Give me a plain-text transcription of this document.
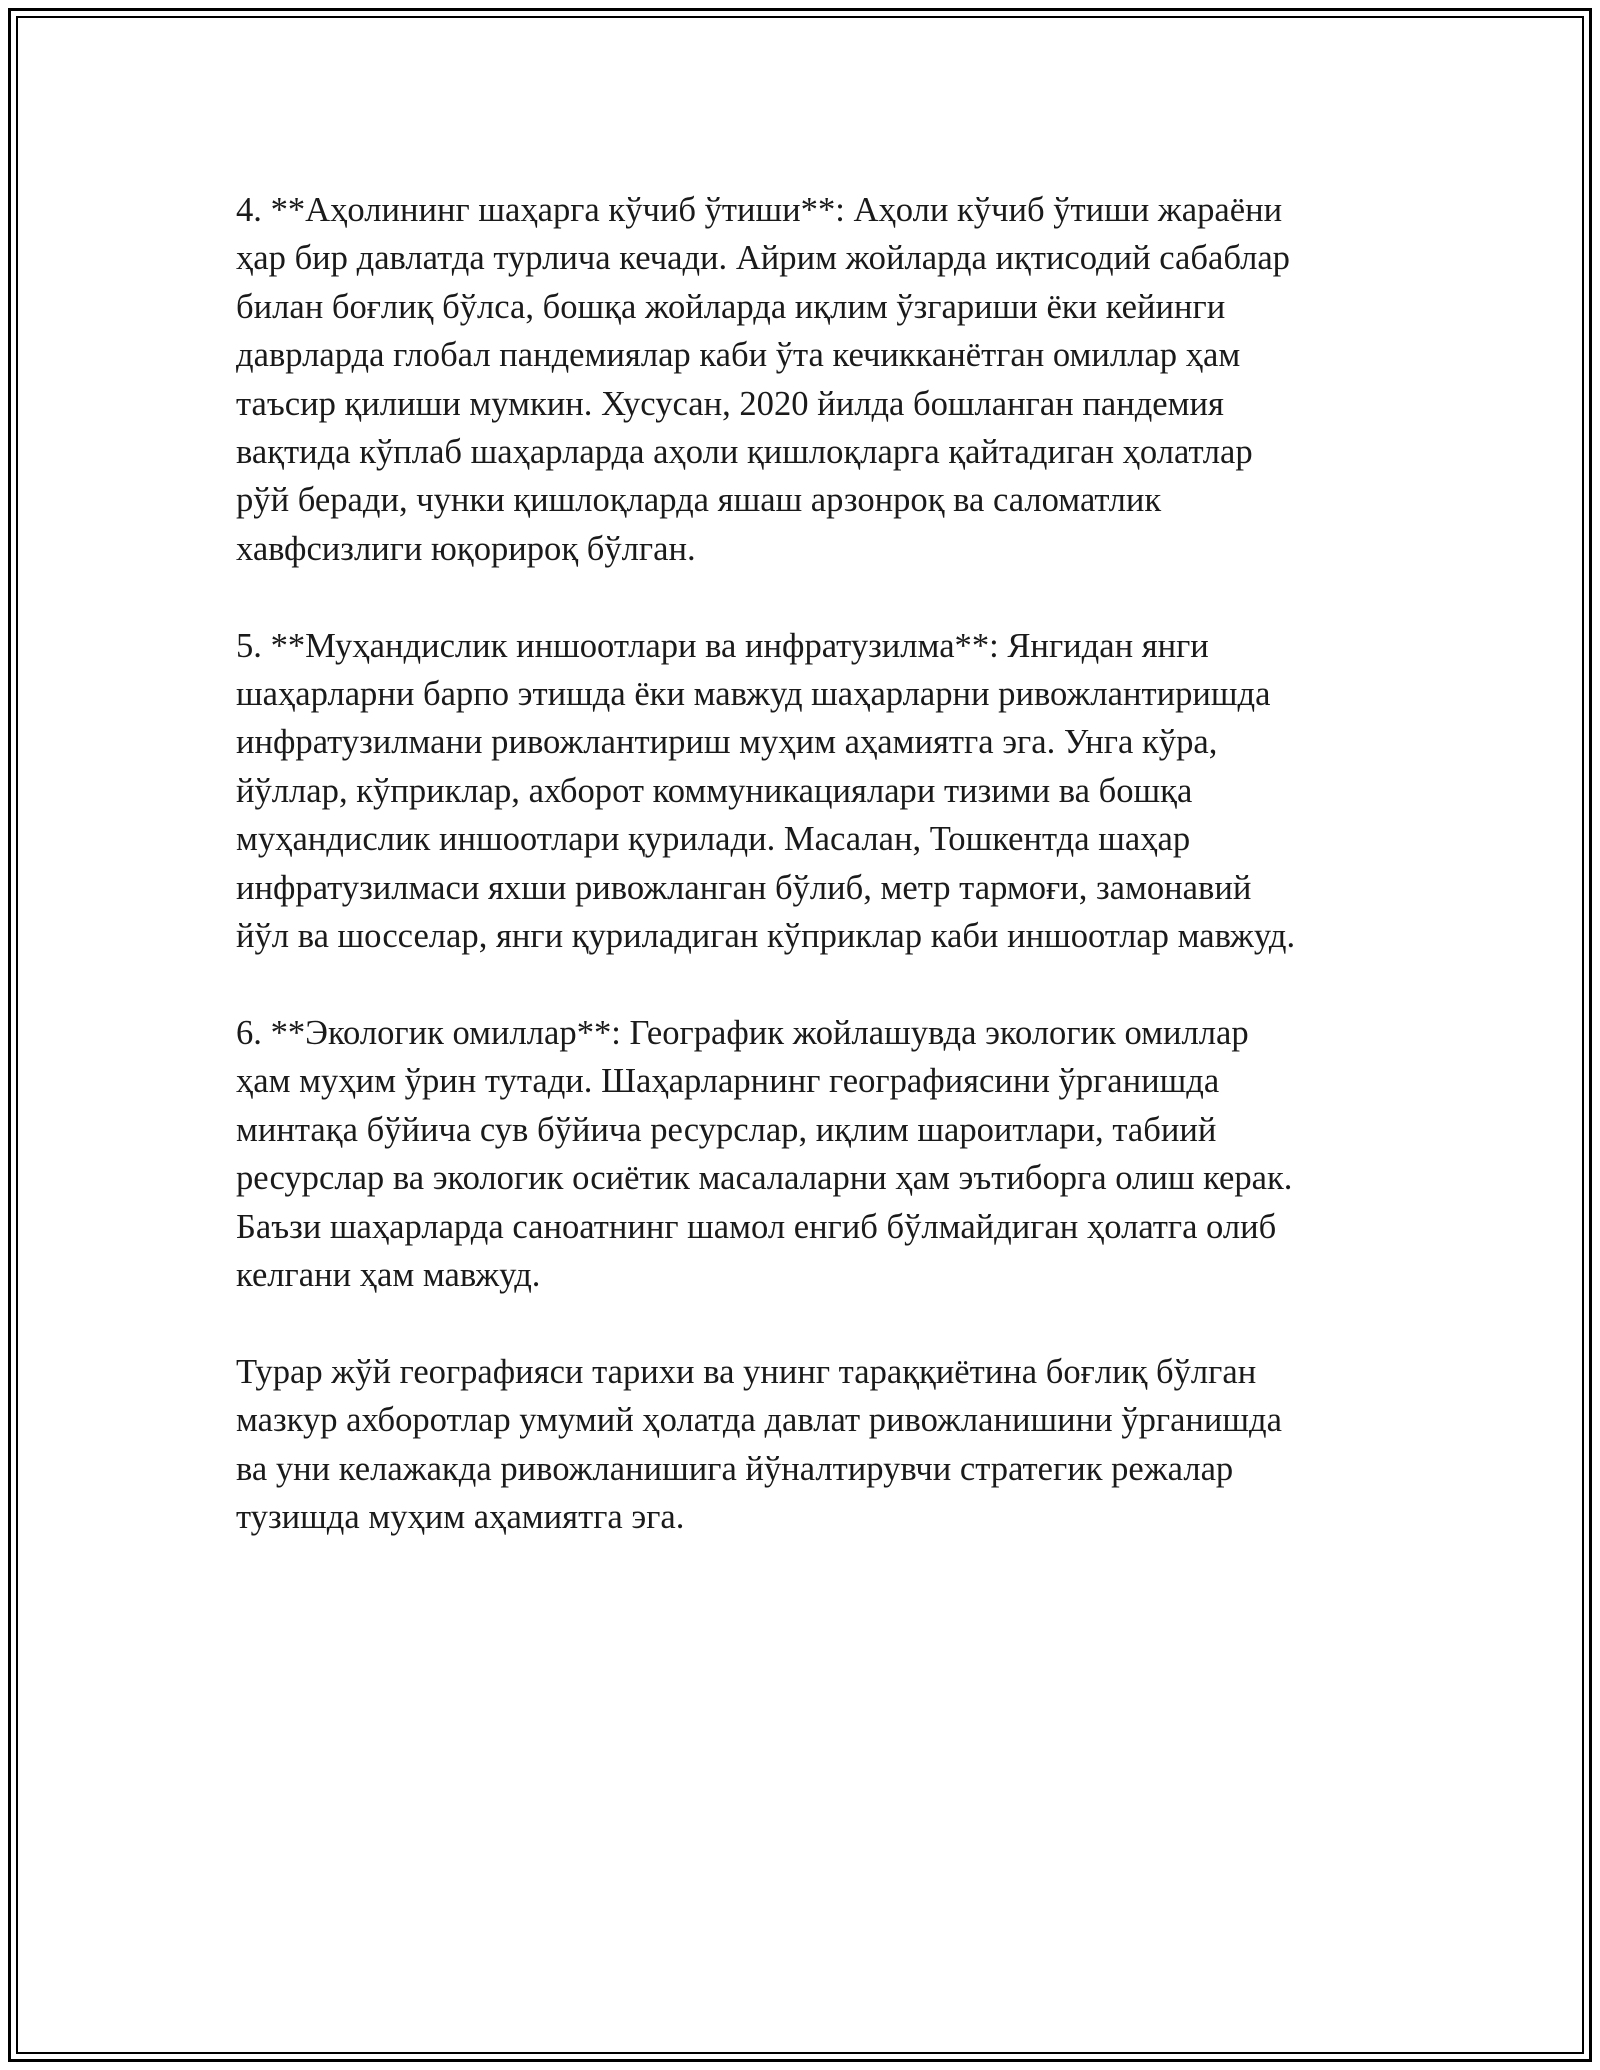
4. **Аҳолининг шаҳарга кўчиб ўтиши**: Аҳоли кўчиб ўтиши жараёни
ҳар бир давлатда турлича кечади. Айрим жойларда иқтисодий сабаблар
билан боғлиқ бўлса, бошқа жойларда иқлим ўзгариши ёки кейинги
даврларда глобал пандемиялар каби ўта кечикканётган омиллар ҳам
таъсир қилиши мумкин. Хусусан, 2020 йилда бошланган пандемия
вақтида кўплаб шаҳарларда аҳоли қишлоқларга қайтадиган ҳолатлар
рўй беради, чунки қишлоқларда яшаш арзонроқ ва саломатлик
хавфсизлиги юқорироқ бўлган.
5. **Муҳандислик иншоотлари ва инфратузилма**: Янгидан янги
шаҳарларни барпо этишда ёки мавжуд шаҳарларни ривожлантиришда
инфратузилмани ривожлантириш муҳим аҳамиятга эга. Унга кўра,
йўллар, кўприклар, ахборот коммуникациялари тизими ва бошқа
муҳандислик иншоотлари қурилади. Масалан, Тошкентда шаҳар
инфратузилмаси яхши ривожланган бўлиб, метр тармоғи, замонавий
йўл ва шосселар, янги қуриладиган кўприклар каби иншоотлар мавжуд.
6. **Экологик омиллар**: Географик жойлашувда экологик омиллар
ҳам муҳим ўрин тутади. Шаҳарларнинг географиясини ўрганишда
минтақа бўйича сув бўйича ресурслар, иқлим шароитлари, табиий
ресурслар ва экологик осиётик масалаларни ҳам эътиборга олиш керак.
Баъзи шаҳарларда саноатнинг шамол енгиб бўлмайдиган ҳолатга олиб
келгани ҳам мавжуд.
Турар жўй географияси тарихи ва унинг тараққиётина боғлиқ бўлган
мазкур ахборотлар умумий ҳолатда давлат ривожланишини ўрганишда
ва уни келажакда ривожланишига йўналтирувчи стратегик режалар
тузишда муҳим аҳамиятга эга.
